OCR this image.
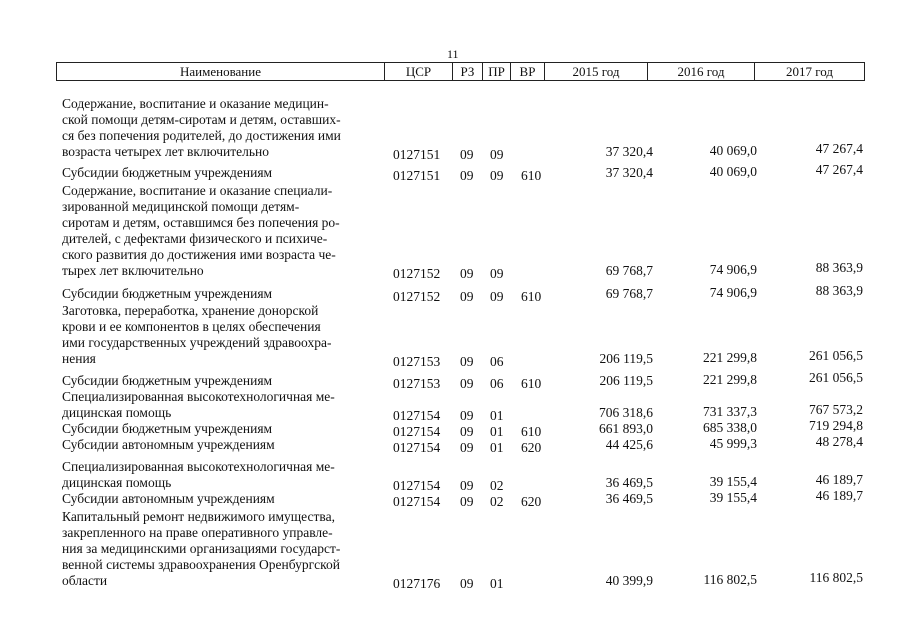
11
Наименование	ЦСР	РЗ	ПР	ВР	2015 год	2016 год	2017 год
Содержание, воспитание и оказание медицин-
ской помощи детям-сиротам и детям, оставших-
ся без попечения родителей, до достижения ими
возраста четырех лет включительно	0127151 09 09	37 320,4	40 069,0	47 267,4
Субсидии бюджетным учреждениям	0127151 09 09 610	37 320,4	40 069,0	47 267,4
Содержание, воспитание и оказание специали-
зированной медицинской помощи детям-
сиротам и детям, оставшимся без попечения ро-
дителей, с дефектами физического и психиче-
ского развития до достижения ими возраста че-
тырех лет включительно	0127152 09 09	69 768,7	74 906,9	88 363,9
Субсидии бюджетным учреждениям	0127152 09 09 610	69 768,7	74 906,9	88 363,9
Заготовка, переработка, хранение донорской
крови и ее компонентов в целях обеспечения
ими государственных учреждений здравоохра-
нения	0127153 09 06	206 119,5	221 299,8	261 056,5
Субсидии бюджетным учреждениям	0127153 09 06 610	206 119,5	221 299,8	261 056,5
Специализированная высокотехнологичная ме-
дицинская помощь	0127154 09 01	706 318,6	731 337,3	767 573,2
Субсидии бюджетным учреждениям	0127154 09 01 610	661 893,0	685 338,0	719 294,8
Субсидии автономным учреждениям	0127154 09 01 620	44 425,6	45 999,3	48 278,4
Специализированная высокотехнологичная ме-
дицинская помощь	0127154 09 02	36 469,5	39 155,4	46 189,7
Субсидии автономным учреждениям	0127154 09 02 620	36 469,5	39 155,4	46 189,7
Капитальный ремонт недвижимого имущества,
закрепленного на праве оперативного управле-
ния за медицинскими организациями государст-
венной системы здравоохранения Оренбургской
области	0127176 09 01	40 399,9	116 802,5	116 802,5
